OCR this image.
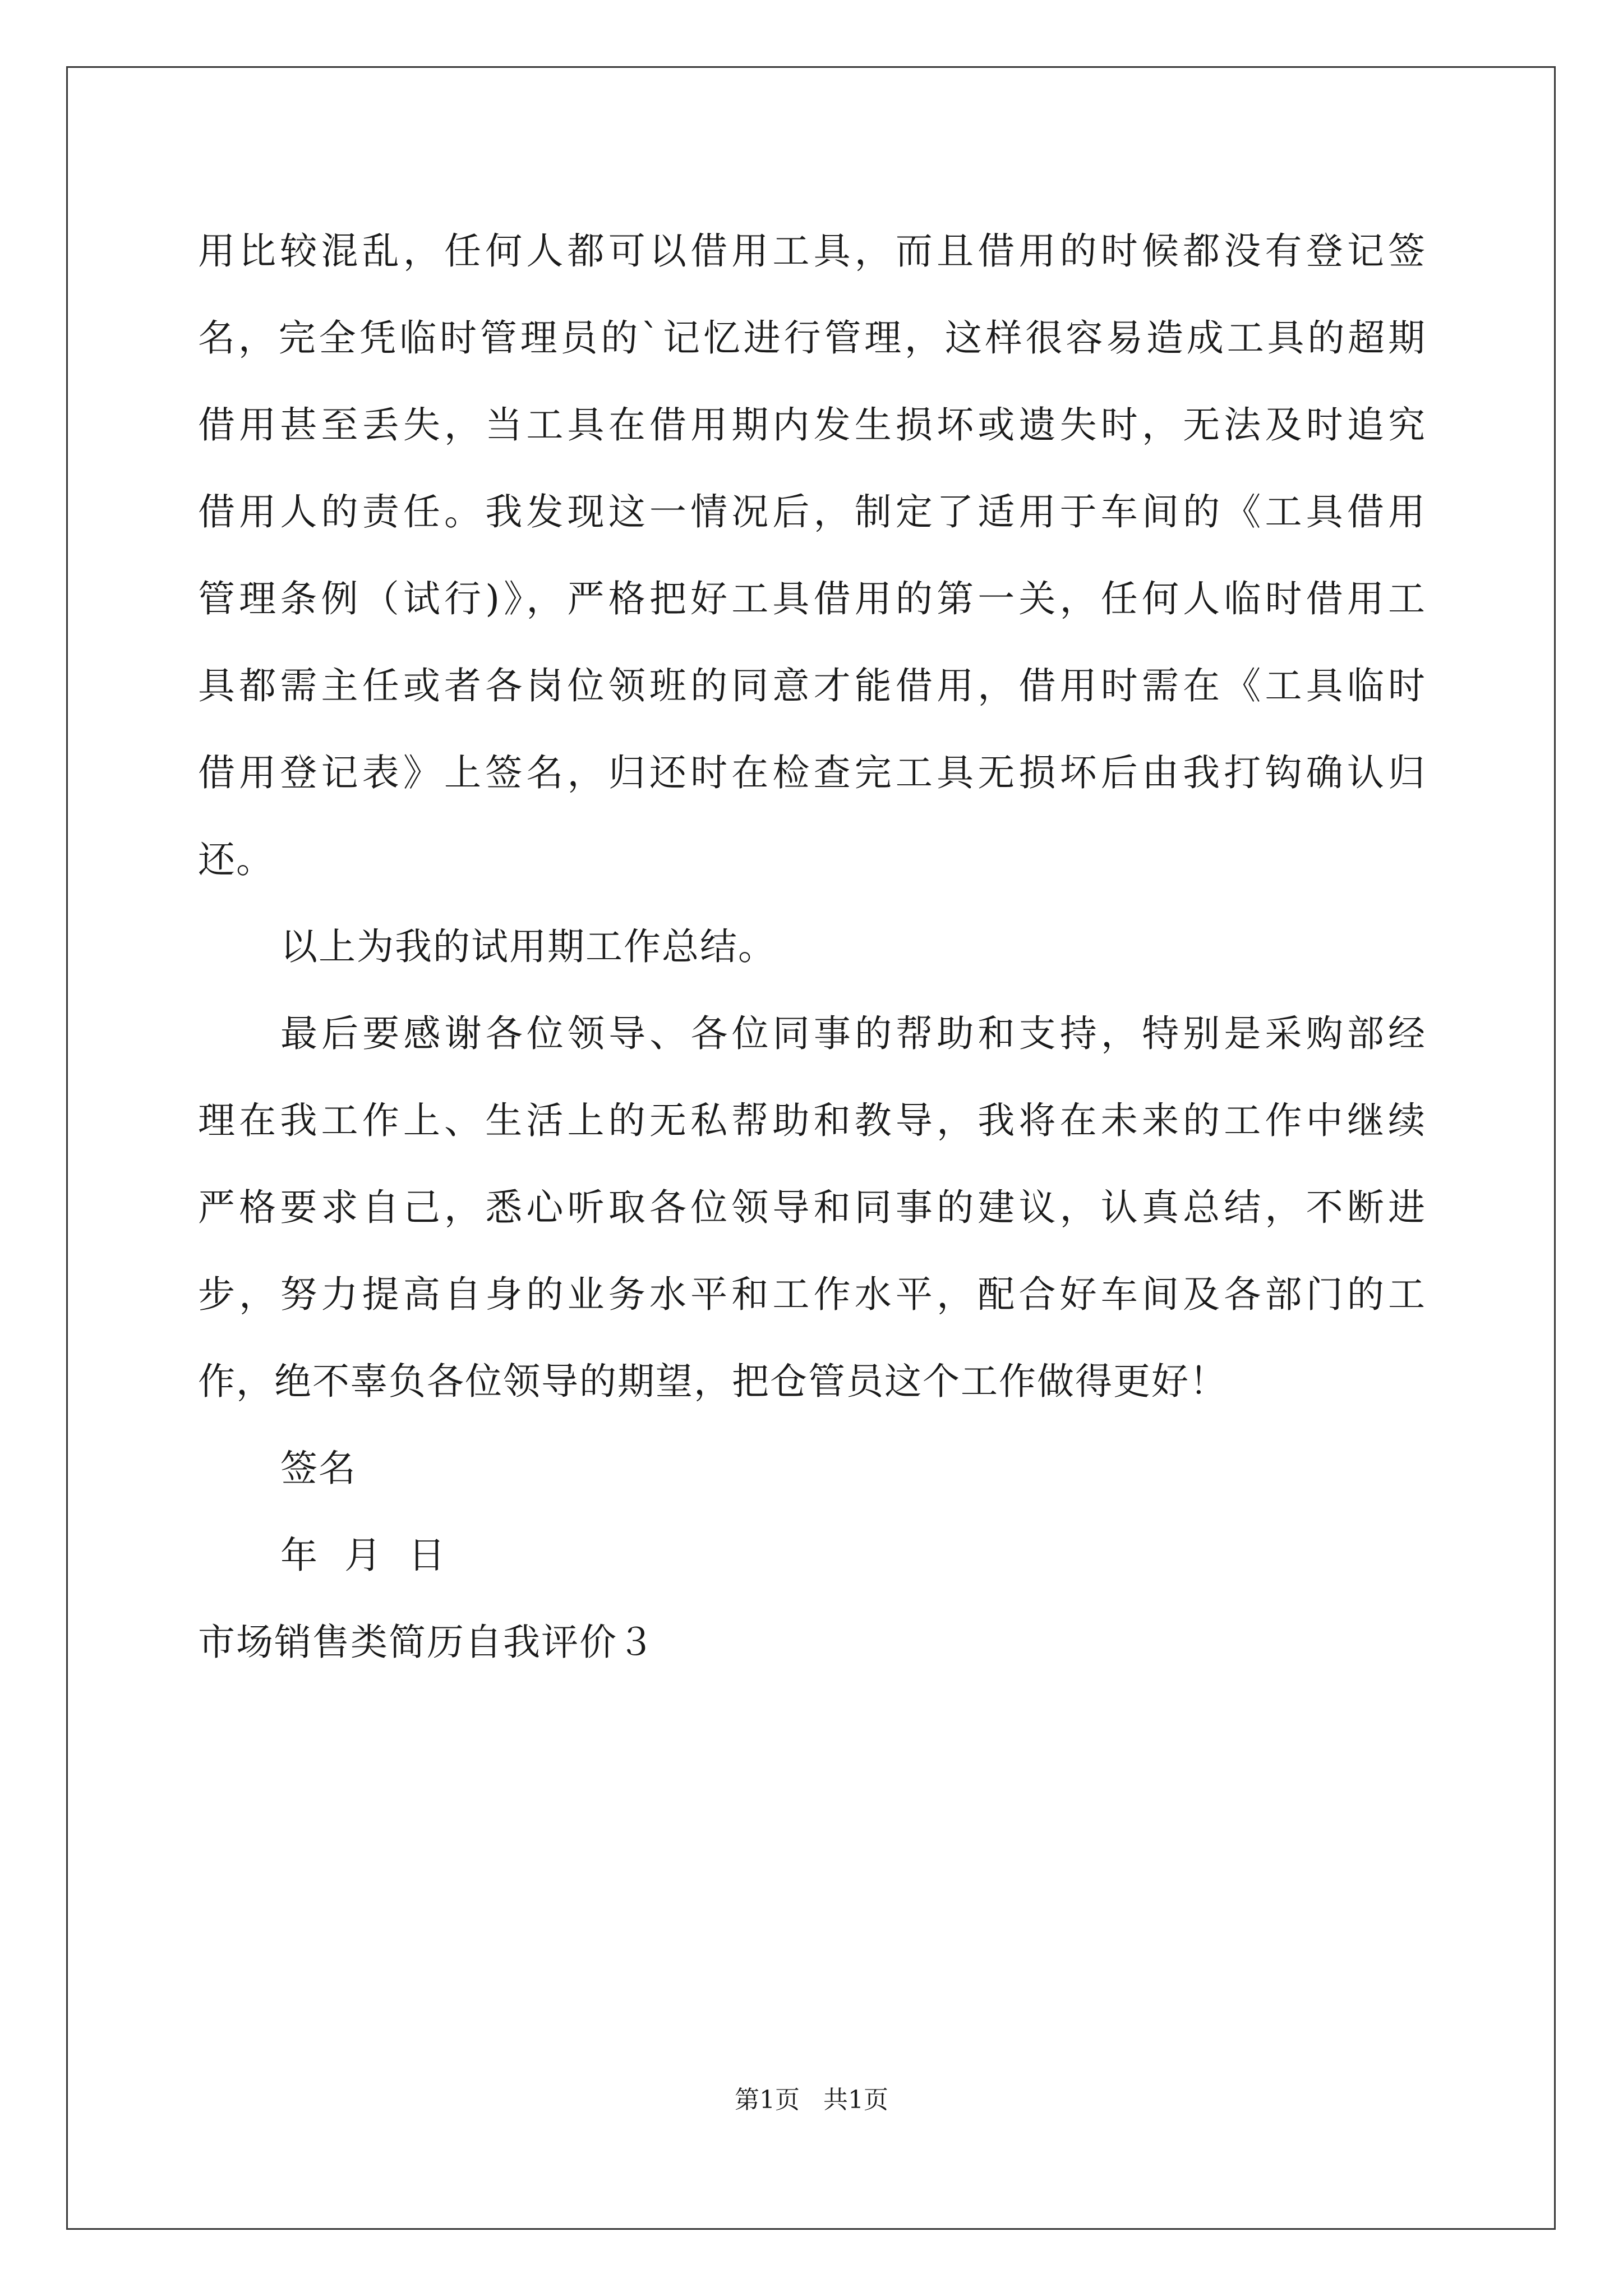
用比较混乱，任何人都可以借用工具，而且借用的时候都没有登记签
名，完全凭临时管理员的`记忆进行管理，这样很容易造成工具的超期
借用甚至丢失，当工具在借用期内发生损坏或遗失时，无法及时追究
借用人的责任。我发现这一情况后，制定了适用于车间的《工具借用
管理条例（试行)》，严格把好工具借用的第一关，任何人临时借用工
具都需主任或者各岗位领班的同意才能借用，借用时需在《工具临时
借用登记表》上签名，归还时在检查完工具无损坏后由我打钩确认归
还。
以上为我的试用期工作总结。
最后要感谢各位领导、各位同事的帮助和支持，特别是采购部经
理在我工作上、生活上的无私帮助和教导，我将在未来的工作中继续
严格要求自己，悉心听取各位领导和同事的建议，认真总结，不断进
步，努力提高自身的业务水平和工作水平，配合好车间及各部门的工
作，绝不辜负各位领导的期望，把仓管员这个工作做得更好！
签名
年  月  日
市场销售类简历自我评价３
第1页   共1页
